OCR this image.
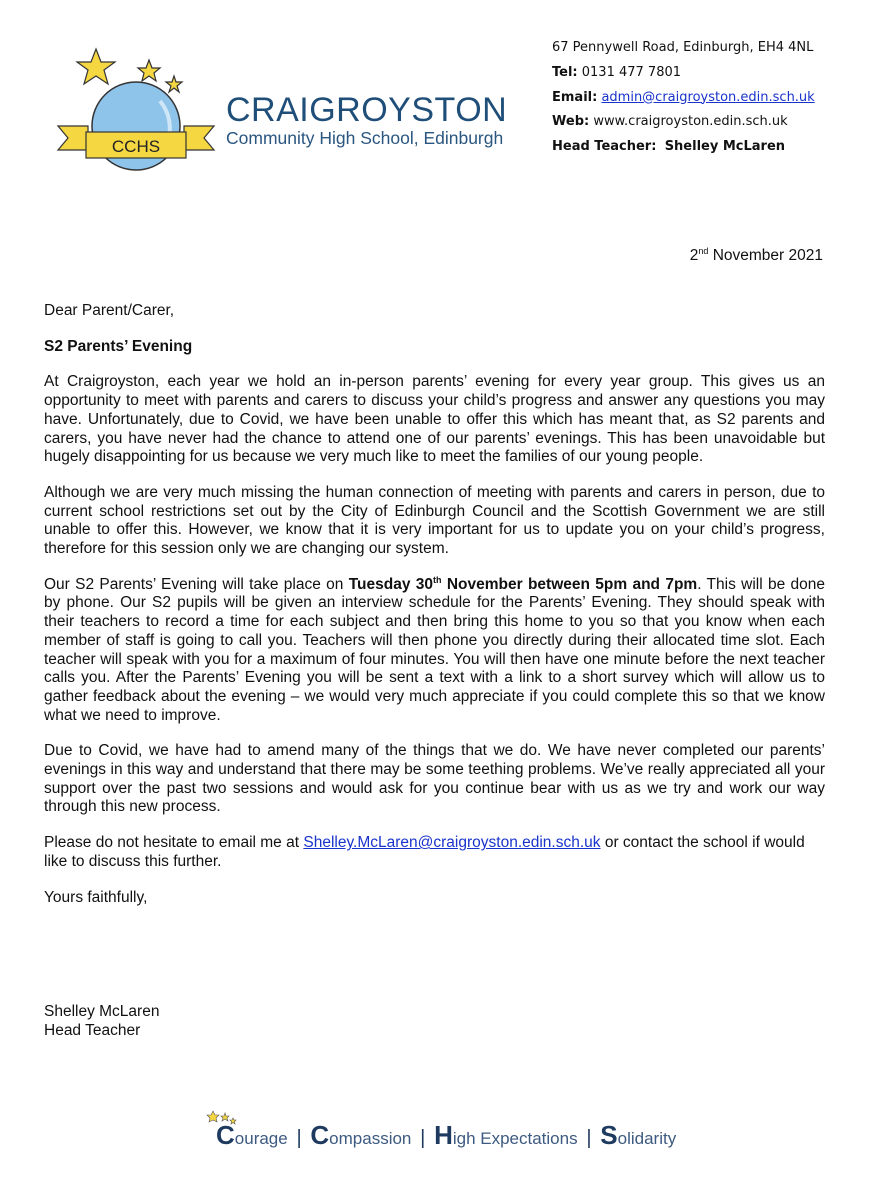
CCHS
CRAIGROYSTON
Community High School, Edinburgh
67 Pennywell Road, Edinburgh, EH4 4NL
Tel: 0131 477 7801
Email: admin@craigroyston.edin.sch.uk
Web: www.craigroyston.edin.sch.uk
Head Teacher: Shelley McLaren
2nd November 2021

Dear Parent/Carer,

S2 Parents’ Evening

At Craigroyston, each year we hold an in-person parents’ evening for every year group. This gives us an opportunity to meet with parents and carers to discuss your child’s progress and answer any questions you may have. Unfortunately, due to Covid, we have been unable to offer this which has meant that, as S2 parents and carers, you have never had the chance to attend one of our parents’ evenings. This has been unavoidable but hugely disappointing for us because we very much like to meet the families of our young people.

Although we are very much missing the human connection of meeting with parents and carers in person, due to current school restrictions set out by the City of Edinburgh Council and the Scottish Government we are still unable to offer this. However, we know that it is very important for us to update you on your child’s progress, therefore for this session only we are changing our system.

Our S2 Parents’ Evening will take place on Tuesday 30th November between 5pm and 7pm. This will be done by phone. Our S2 pupils will be given an interview schedule for the Parents’ Evening. They should speak with their teachers to record a time for each subject and then bring this home to you so that you know when each member of staff is going to call you. Teachers will then phone you directly during their allocated time slot. Each teacher will speak with you for a maximum of four minutes. You will then have one minute before the next teacher calls you. After the Parents’ Evening you will be sent a text with a link to a short survey which will allow us to gather feedback about the evening – we would very much appreciate if you could complete this so that we know what we need to improve.

Due to Covid, we have had to amend many of the things that we do. We have never completed our parents’ evenings in this way and understand that there may be some teething problems. We’ve really appreciated all your support over the past two sessions and would ask for you continue bear with us as we try and work our way through this new process.

Please do not hesitate to email me at Shelley.McLaren@craigroyston.edin.sch.uk or contact the school if would like to discuss this further.

Yours faithfully,

Shelley McLaren
Head Teacher
Courage | Compassion | High Expectations | Solidarity
